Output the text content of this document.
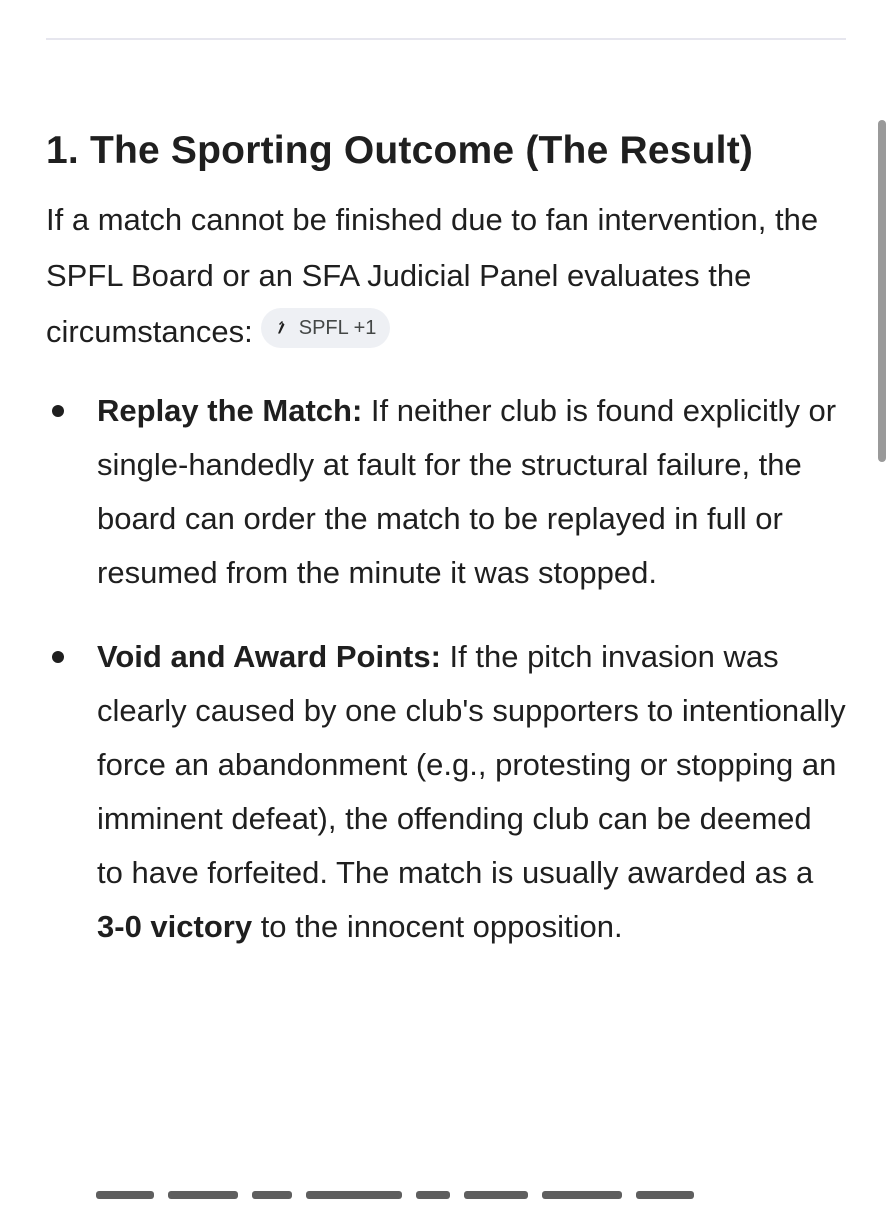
1. The Sporting Outcome (The Result)

If a match cannot be finished due to fan intervention, the SPFL Board or an SFA Judicial Panel evaluates the circumstances: SPFL +1

Replay the Match: If neither club is found explicitly or single-handedly at fault for the structural failure, the board can order the match to be replayed in full or resumed from the minute it was stopped.
Void and Award Points: If the pitch invasion was clearly caused by one club's supporters to intentionally force an abandonment (e.g., protesting or stopping an imminent defeat), the offending club can be deemed to have forfeited. The match is usually awarded as a 3-0 victory to the innocent opposition.
